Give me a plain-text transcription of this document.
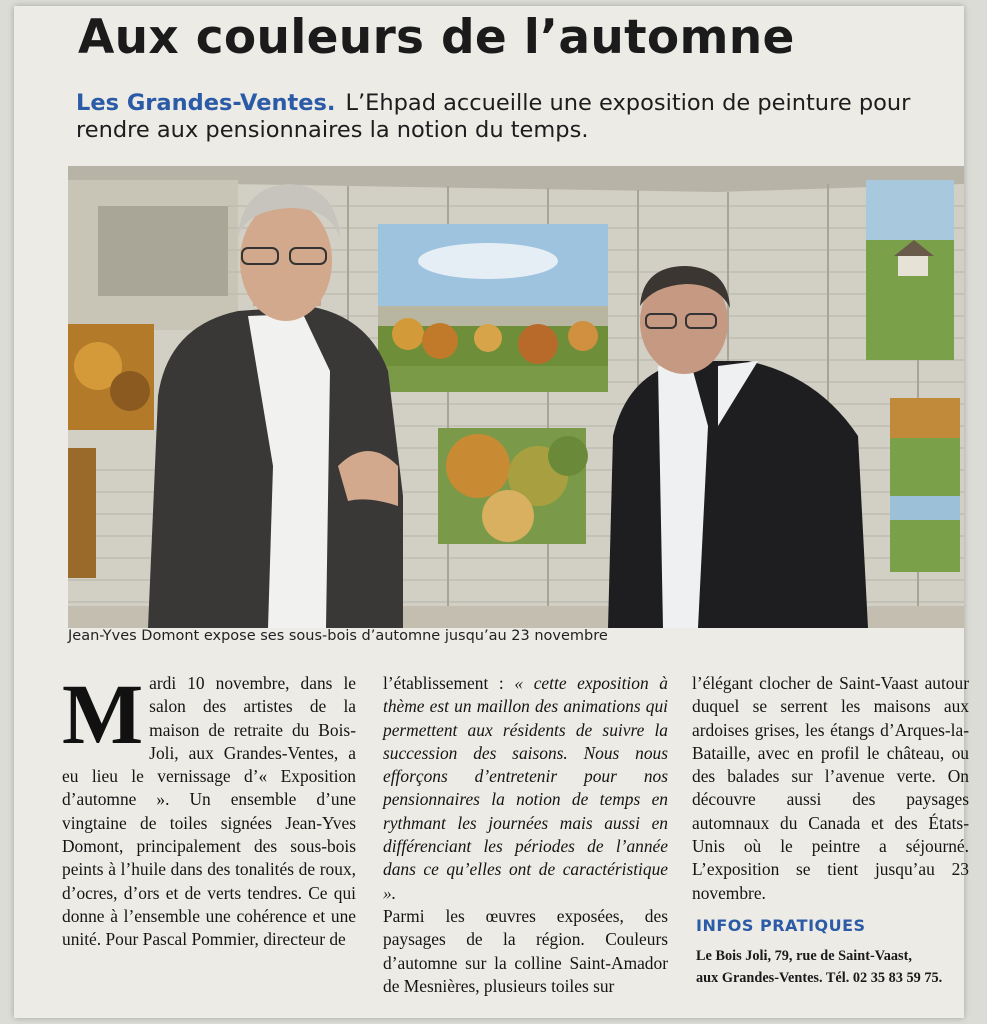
Aux couleurs de l’automne

Les Grandes-Ventes. L’Ehpad accueille une exposition de peinture pour rendre aux pensionnaires la notion du temps.

Jean-Yves Domont expose ses sous-bois d’automne jusqu’au 23 novembre

M ardi 10 novembre, dans le salon des artistes de la maison de retraite du Bois-Joli, aux Grandes-Ventes, a eu lieu le vernissage d’« Exposition d’automne ». Un ensemble d’une vingtaine de toiles signées Jean-Yves Domont, principalement des sous-bois peints à l’huile dans des tonalités de roux, d’ocres, d’ors et de verts tendres. Ce qui donne à l’ensemble une cohérence et une unité. Pour Pascal Pommier, directeur de
l’établissement : « cette exposition à thème est un maillon des animations qui permettent aux résidents de suivre la succession des saisons. Nous nous efforçons d’entretenir pour nos pensionnaires la notion de temps en rythmant les journées mais aussi en différenciant les périodes de l’année dans ce qu’elles ont de caractéristique ».
Parmi les œuvres exposées, des paysages de la région. Couleurs d’automne sur la colline Saint-Amador de Mesnières, plusieurs toiles sur
l’élégant clocher de Saint-Vaast autour duquel se serrent les maisons aux ardoises grises, les étangs d’Arques-la-Bataille, avec en profil le château, ou des balades sur l’avenue verte. On découvre aussi des paysages automnaux du Canada et des États-Unis où le peintre a séjourné. L’exposition se tient jusqu’au 23 novembre.

INFOS PRATIQUES

Le Bois Joli, 79, rue de Saint-Vaast,
aux Grandes-Ventes. Tél. 02 35 83 59 75.
